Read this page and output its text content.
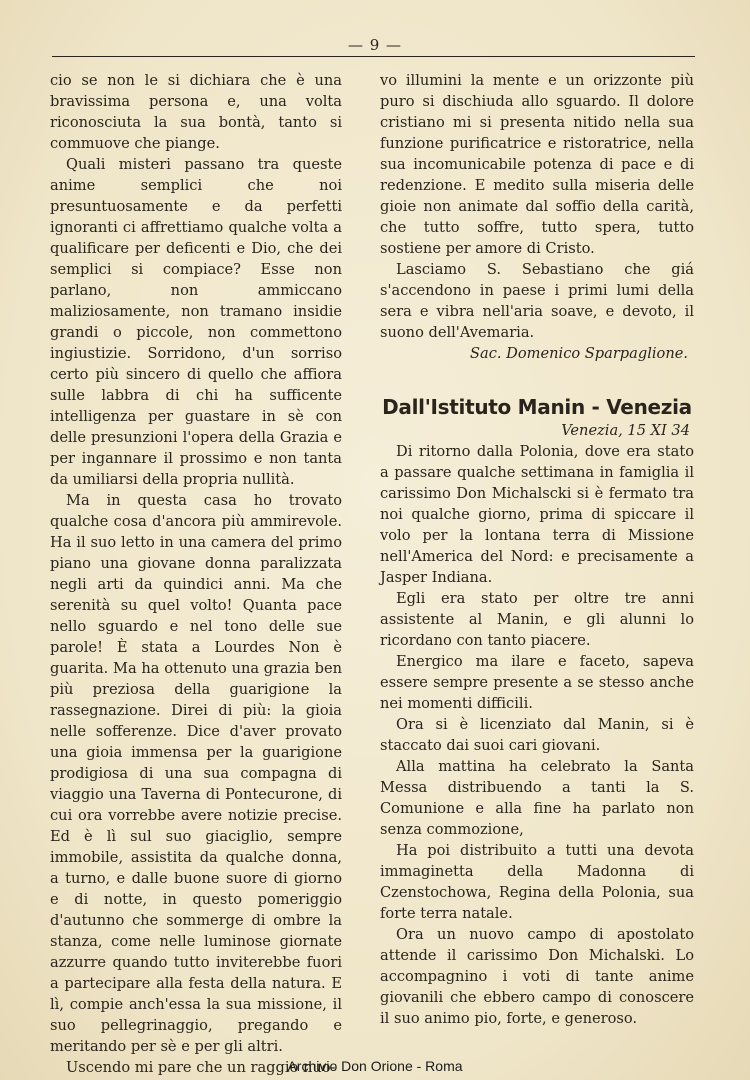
— 9 —

cio se non le si dichiara che è una bravissima persona e, una volta riconosciuta la sua bontà, tanto si commuove che piange.

Quali misteri passano tra queste anime semplici che noi presuntuosamente e da perfetti ignoranti ci affrettiamo qualche volta a qualificare per deficenti e Dio, che dei semplici si compiace? Esse non parlano, non ammiccano maliziosamente, non tramano insidie grandi o piccole, non commettono ingiustizie. Sorridono, d'un sorriso certo più sincero di quello che affiora sulle labbra di chi ha sufficente intelligenza per guastare in sè con delle presunzioni l'opera della Grazia e per ingannare il prossimo e non tanta da umiliarsi della propria nullità.

Ma in questa casa ho trovato qualche cosa d'ancora più ammirevole. Ha il suo letto in una camera del primo piano una giovane donna paralizzata negli arti da quindici anni. Ma che serenità su quel volto! Quanta pace nello sguardo e nel tono delle sue parole! È stata a Lourdes Non è guarita. Ma ha ottenuto una grazia ben più preziosa della guarigione la rassegnazione. Direi di più: la gioia nelle sofferenze. Dice d'aver provato una gioia immensa per la guarigione prodigiosa di una sua compagna di viaggio una Taverna di Pontecurone, di cui ora vorrebbe avere notizie precise. Ed è lì sul suo giaciglio, sempre immobile, assistita da qualche donna, a turno, e dalle buone suore di giorno e di notte, in questo pomeriggio d'autunno che sommerge di ombre la stanza, come nelle luminose giornate azzurre quando tutto inviterebbe fuori a partecipare alla festa della natura. E lì, compie anch'essa la sua missione, il suo pellegrinaggio, pregando e meritando per sè e per gli altri.

Uscendo mi pare che un raggio nuo-

vo illumini la mente e un orizzonte più puro si dischiuda allo sguardo. Il dolore cristiano mi si presenta nitido nella sua funzione purificatrice e ristoratrice, nella sua incomunicabile potenza di pace e di redenzione. E medito sulla miseria delle gioie non animate dal soffio della carità, che tutto soffre, tutto spera, tutto sostiene per amore di Cristo.

Lasciamo S. Sebastiano che giá s'accendono in paese i primi lumi della sera e vibra nell'aria soave, e devoto, il suono dell'Avemaria.

Sac. Domenico Sparpaglione.

Dall'Istituto Manin - Venezia

Venezia, 15 XI 34

Di ritorno dalla Polonia, dove era stato a passare qualche settimana in famiglia il carissimo Don Michalscki si è fermato tra noi qualche giorno, prima di spiccare il volo per la lontana terra di Missione nell'America del Nord: e precisamente a Jasper Indiana.

Egli era stato per oltre tre anni assistente al Manin, e gli alunni lo ricordano con tanto piacere.

Energico ma ilare e faceto, sapeva essere sempre presente a se stesso anche nei momenti difficili.

Ora si è licenziato dal Manin, si è staccato dai suoi cari giovani.

Alla mattina ha celebrato la Santa Messa distribuendo a tanti la S. Comunione e alla fine ha parlato non senza commozione,

Ha poi distribuito a tutti una devota immaginetta della Madonna di Czenstochowa, Regina della Polonia, sua forte terra natale.

Ora un nuovo campo di apostolato attende il carissimo Don Michalski. Lo accompagnino i voti di tante anime giovanili che ebbero campo di conoscere il suo animo pio, forte, e generoso.

Archivio Don Orione - Roma
